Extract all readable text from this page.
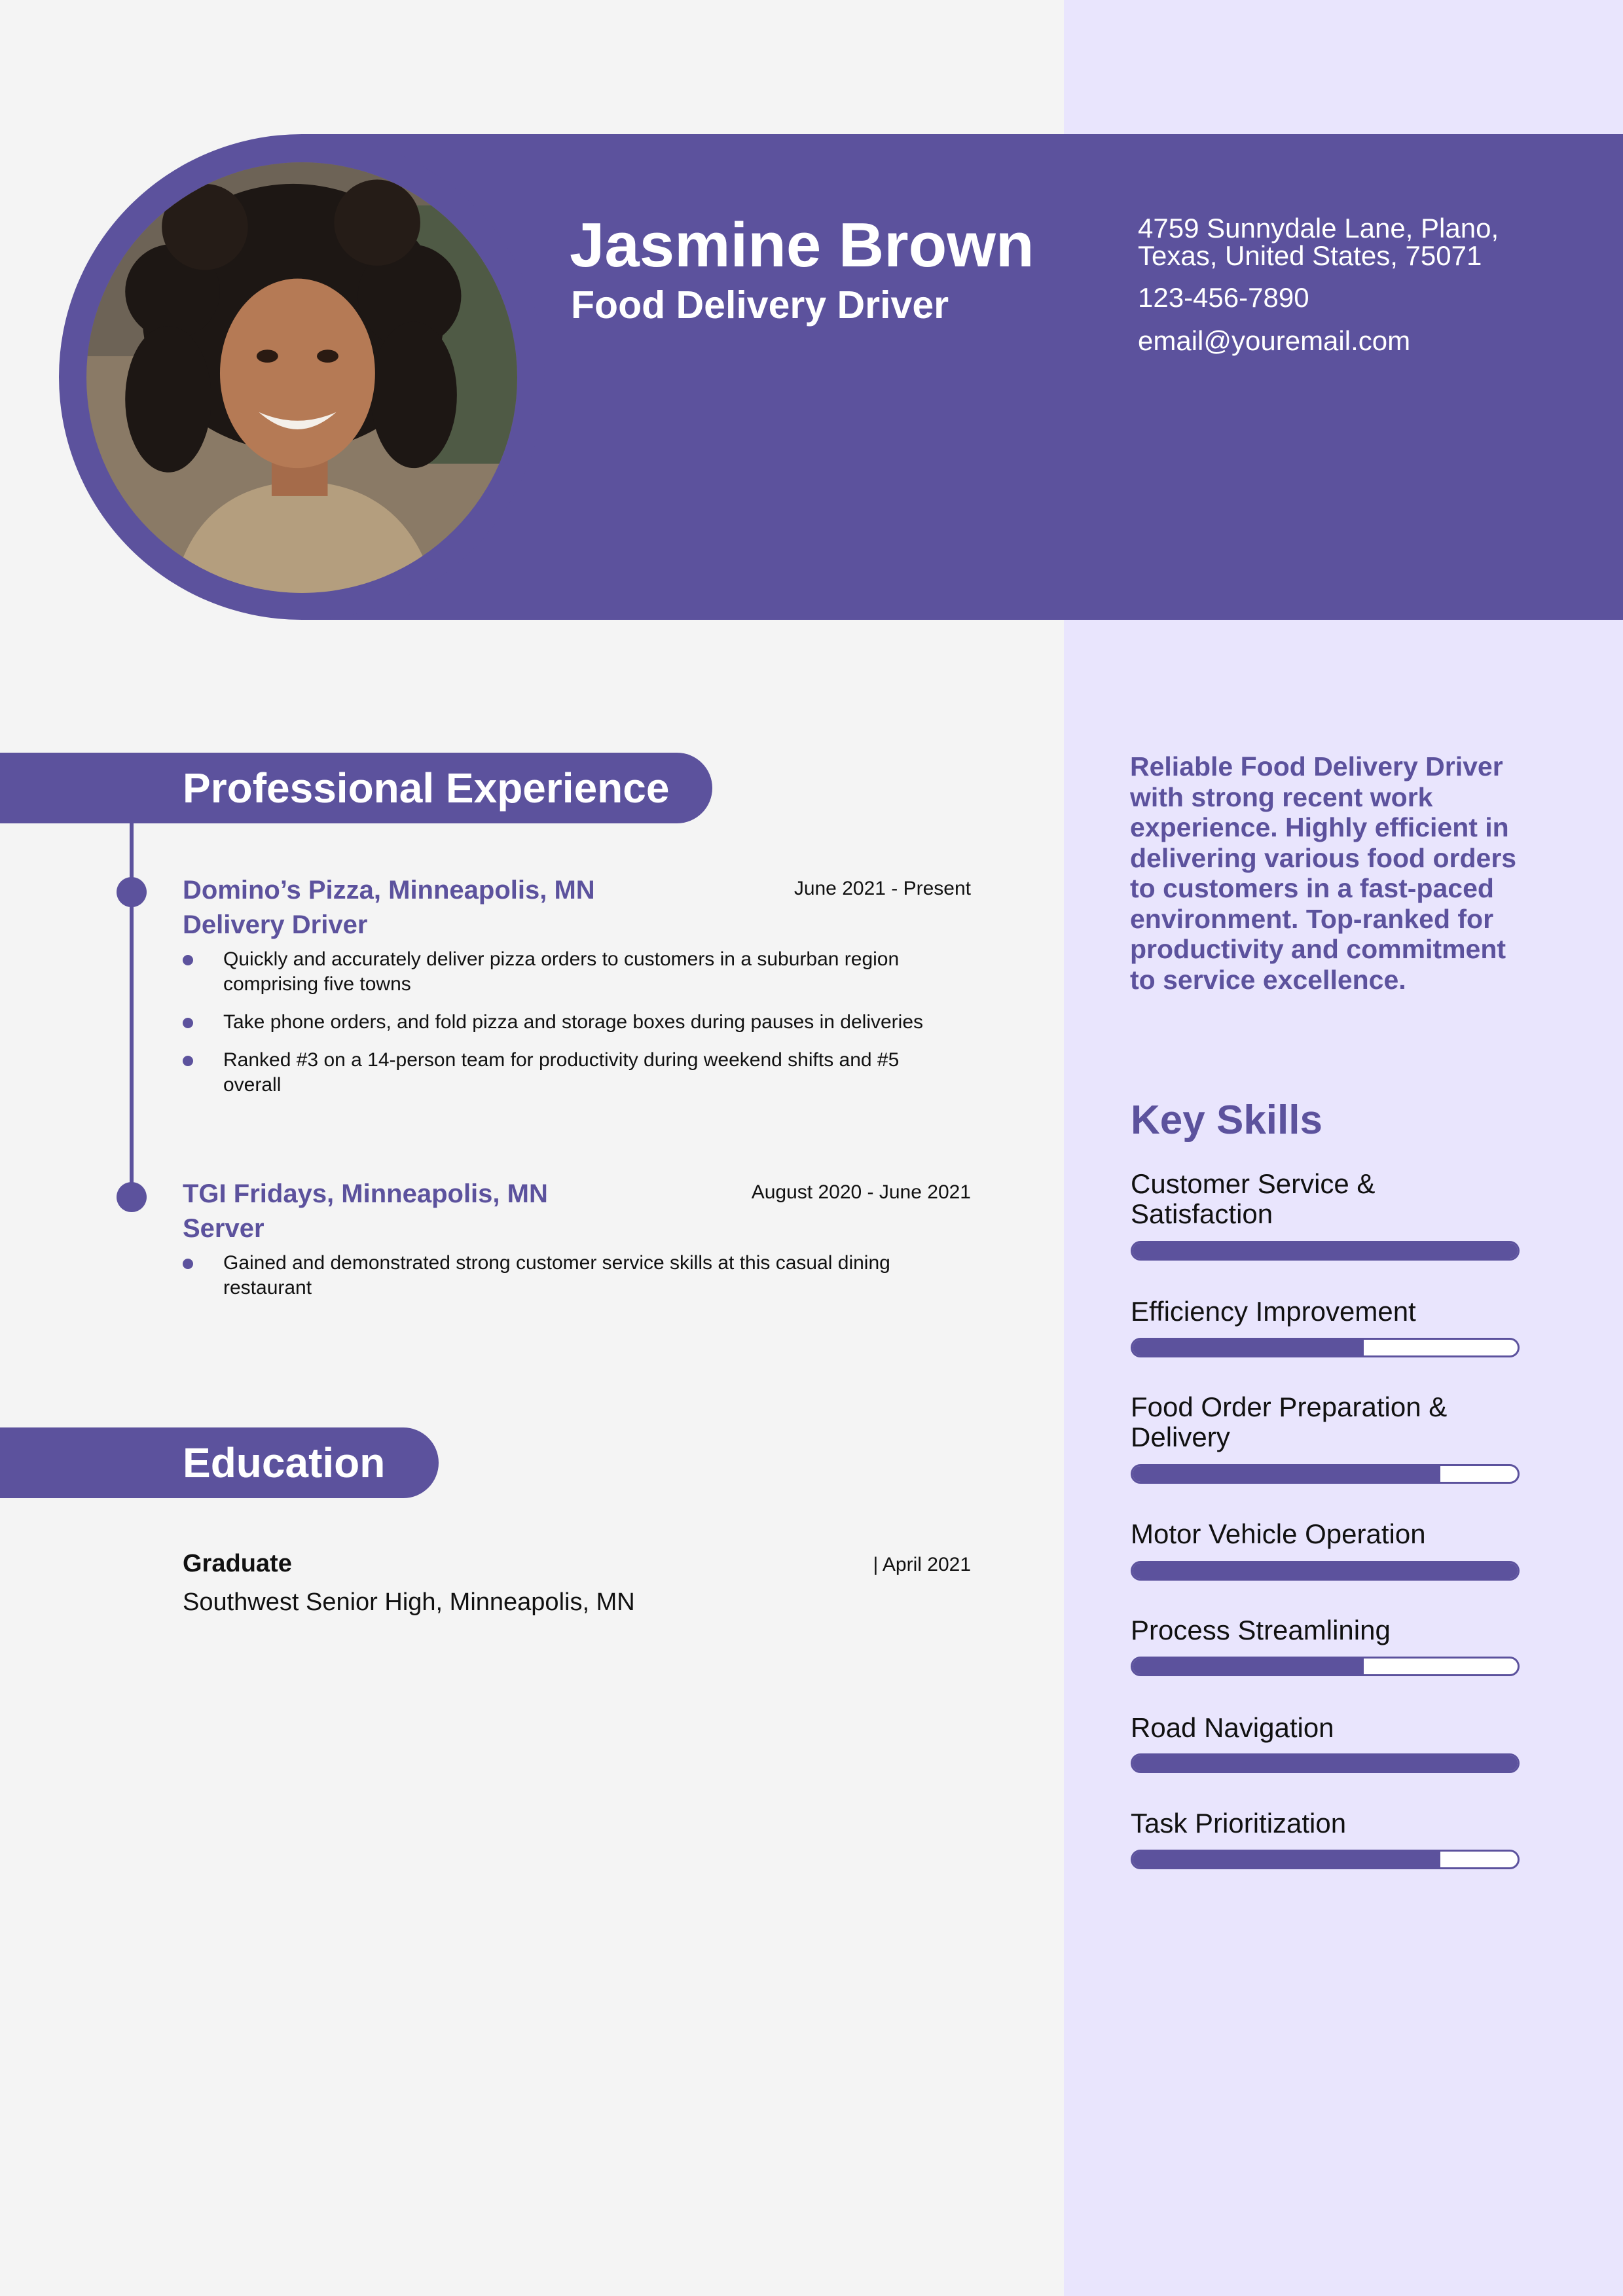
Jasmine Brown
Food Delivery Driver
4759 Sunnydale Lane, Plano, Texas, United States, 75071
123-456-7890
email@youremail.com
Professional Experience
Domino’s Pizza, Minneapolis, MN	June 2021 - Present
Delivery Driver
Quickly and accurately deliver pizza orders to customers in a suburban region comprising five towns
Take phone orders, and fold pizza and storage boxes during pauses in deliveries
Ranked #3 on a 14-person team for productivity during weekend shifts and #5 overall
TGI Fridays, Minneapolis, MN	August 2020 - June 2021
Server
Gained and demonstrated strong customer service skills at this casual dining restaurant
Education
Graduate	| April 2021
Southwest Senior High, Minneapolis, MN

Reliable Food Delivery Driver with strong recent work experience. Highly efficient in delivering various food orders to customers in a fast-paced environment. Top-ranked for productivity and commitment to service excellence.

Key Skills
Customer Service & Satisfaction
Efficiency Improvement
Food Order Preparation & Delivery
Motor Vehicle Operation
Process Streamlining
Road Navigation
Task Prioritization
